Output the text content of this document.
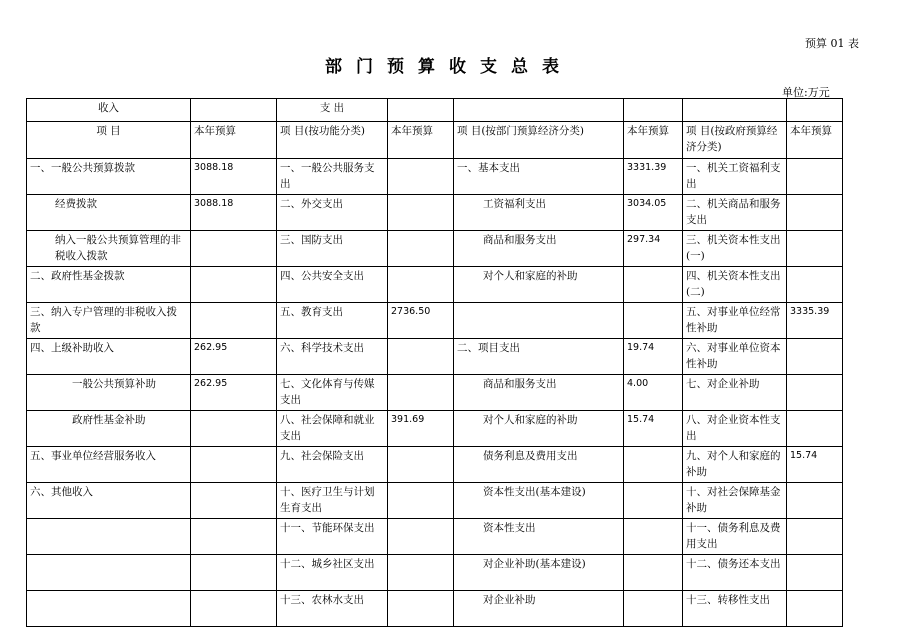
预算 01 表
部门预算收支总表
单位:万元
收入		支 出					
项 目	本年预算	项 目(按功能分类)	本年预算	项 目(按部门预算经济分类)	本年预算	项 目(按政府预算经济分类)	本年预算
一、一般公共预算拨款	3088.18	一、一般公共服务支出		一、基本支出	3331.39	一、机关工资福利支出	
经费拨款	3088.18	二、外交支出		工资福利支出	3034.05	二、机关商品和服务支出	
纳入一般公共预算管理的非税收入拨款		三、国防支出		商品和服务支出	297.34	三、机关资本性支出(一)	
二、政府性基金拨款		四、公共安全支出		对个人和家庭的补助		四、机关资本性支出(二)	
三、纳入专户管理的非税收入拨款		五、教育支出	2736.50			五、对事业单位经常性补助	3335.39
四、上级补助收入	262.95	六、科学技术支出		二、项目支出	19.74	六、对事业单位资本性补助	
一般公共预算补助	262.95	七、文化体育与传媒支出		商品和服务支出	4.00	七、对企业补助	
政府性基金补助		八、社会保障和就业支出	391.69	对个人和家庭的补助	15.74	八、对企业资本性支出	
五、事业单位经营服务收入		九、社会保险支出		债务利息及费用支出		九、对个人和家庭的补助	15.74
六、其他收入		十、医疗卫生与计划生育支出		资本性支出(基本建设)		十、对社会保障基金补助	
		十一、节能环保支出		资本性支出		十一、债务利息及费用支出	
		十二、城乡社区支出		对企业补助(基本建设)		十二、债务还本支出	
		十三、农林水支出		对企业补助		十三、转移性支出	
